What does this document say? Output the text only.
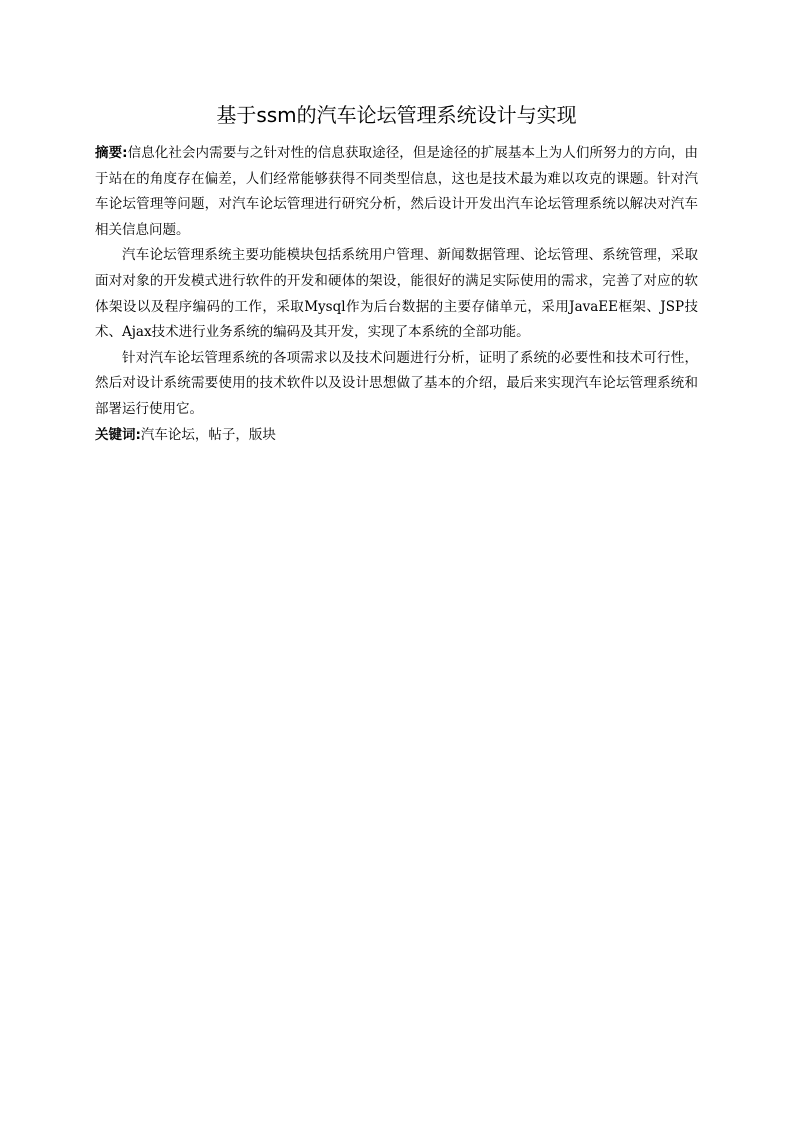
基于ssm的汽车论坛管理系统设计与实现

摘要:信息化社会内需要与之针对性的信息获取途径，但是途径的扩展基本上为人们所努力的方向，由于站在的角度存在偏差，人们经常能够获得不同类型信息，这也是技术最为难以攻克的课题。针对汽车论坛管理等问题，对汽车论坛管理进行研究分析，然后设计开发出汽车论坛管理系统以解决对汽车相关信息问题。

汽车论坛管理系统主要功能模块包括系统用户管理、新闻数据管理、论坛管理、系统管理，采取面对对象的开发模式进行软件的开发和硬体的架设，能很好的满足实际使用的需求，完善了对应的软体架设以及程序编码的工作，采取Mysql作为后台数据的主要存储单元，采用JavaEE框架、JSP技术、Ajax技术进行业务系统的编码及其开发，实现了本系统的全部功能。

针对汽车论坛管理系统的各项需求以及技术问题进行分析，证明了系统的必要性和技术可行性，然后对设计系统需要使用的技术软件以及设计思想做了基本的介绍，最后来实现汽车论坛管理系统和部署运行使用它。

关键词:汽车论坛，帖子，版块
